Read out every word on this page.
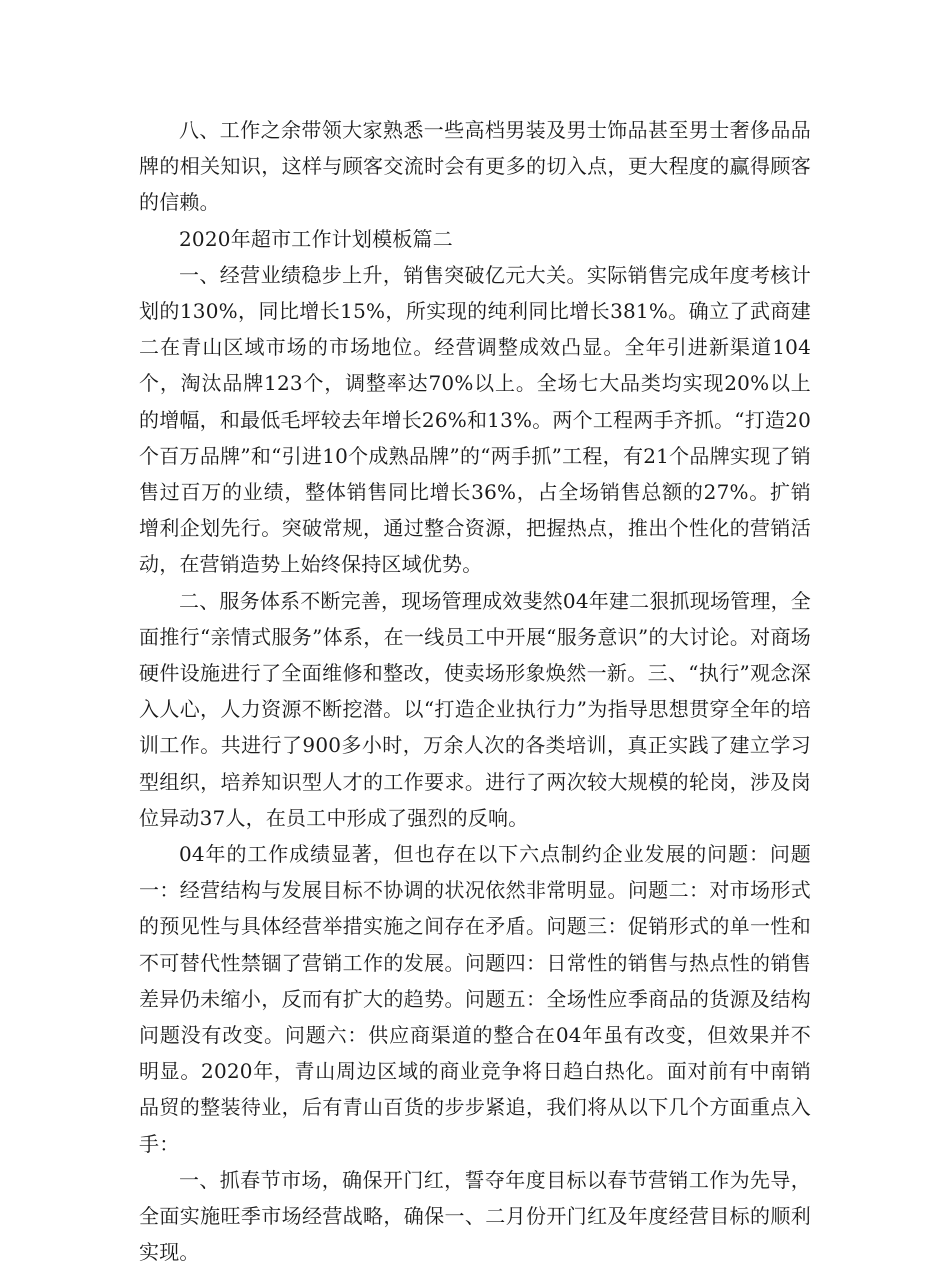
八、工作之余带领大家熟悉一些高档男装及男士饰品甚至男士奢侈品品牌的相关知识，这样与顾客交流时会有更多的切入点，更大程度的赢得顾客的信赖。

2020年超市工作计划模板篇二

一、经营业绩稳步上升，销售突破亿元大关。实际销售完成年度考核计划的130%，同比增长15%，所实现的纯利同比增长381%。确立了武商建二在青山区域市场的市场地位。经营调整成效凸显。全年引进新渠道104个，淘汰品牌123个，调整率达70%以上。全场七大品类均实现20%以上的增幅，和最低毛坪较去年增长26%和13%。两个工程两手齐抓。“打造20个百万品牌”和“引进10个成熟品牌”的“两手抓”工程，有21个品牌实现了销售过百万的业绩，整体销售同比增长36%，占全场销售总额的27%。扩销增利企划先行。突破常规，通过整合资源，把握热点，推出个性化的营销活动，在营销造势上始终保持区域优势。

二、服务体系不断完善，现场管理成效斐然04年建二狠抓现场管理，全面推行“亲情式服务”体系，在一线员工中开展“服务意识”的大讨论。对商场硬件设施进行了全面维修和整改，使卖场形象焕然一新。三、“执行”观念深入人心，人力资源不断挖潜。以“打造企业执行力”为指导思想贯穿全年的培训工作。共进行了900多小时，万余人次的各类培训，真正实践了建立学习型组织，培养知识型人才的工作要求。进行了两次较大规模的轮岗，涉及岗位异动37人，在员工中形成了强烈的反响。

04年的工作成绩显著，但也存在以下六点制约企业发展的问题：问题一：经营结构与发展目标不协调的状况依然非常明显。问题二：对市场形式的预见性与具体经营举措实施之间存在矛盾。问题三：促销形式的单一性和不可替代性禁锢了营销工作的发展。问题四：日常性的销售与热点性的销售差异仍未缩小，反而有扩大的趋势。问题五：全场性应季商品的货源及结构问题没有改变。问题六：供应商渠道的整合在04年虽有改变，但效果并不明显。2020年，青山周边区域的商业竞争将日趋白热化。面对前有中南销品贸的整装待业，后有青山百货的步步紧追，我们将从以下几个方面重点入手：

一、抓春节市场，确保开门红，誓夺年度目标以春节营销工作为先导，全面实施旺季市场经营战略，确保一、二月份开门红及年度经营目标的顺利实现。
